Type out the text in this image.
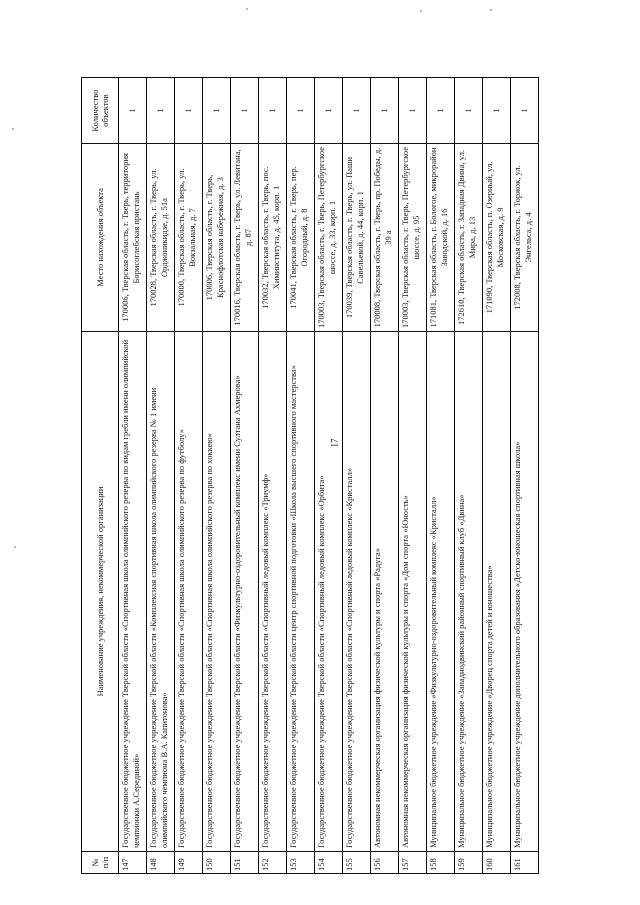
17
№ п/п	Наименование учреждения, некоммерческой организации	Место нахождения объекта	Количество объектов
147	Государственное бюджетное учреждение Тверской области «Спортивная школа олимпийского резерва по видам гребли имени олимпийской чемпионки А.Серединой»	170006, Тверская область, г. Тверь, территория Борисоглебская пристань	1
148	Государственное бюджетное учреждение Тверской области «Комплексная спортивная школа олимпийского резерва № 1 имени олимпийского чемпиона В.А. Капитонова»	170028, Тверская область, г. Тверь, ул. Орджоникидзе, д. 51а	1
149	Государственное бюджетное учреждение Тверской области «Спортивная школа олимпийского резерва по футболу»	170000, Тверская область, г. Тверь, ул. Вокзальная, д. 7	1
150	Государственное бюджетное учреждение Тверской области «Спортивная школа олимпийского резерва по хоккею»	170006, Тверская область, г. Тверь, Краснофлотская набережная, д. 3	1
151	Государственное бюджетное учреждение Тверской области «Физкультурно-оздоровительный комплекс имени Султана Ахмерова»	170016, Тверская область, г. Тверь, ул. Левитана, д. 87	1
152	Государственное бюджетное учреждение Тверской области «Спортивный ледовый комплекс «Триумф»	170032, Тверская область, г. Тверь, пос. Химинститута, д. 45, корп. 1	1
153	Государственное бюджетное учреждение Тверской области центр спортивной подготовки «Школа высшего спортивного мастерства»	170041, Тверская область, г. Тверь, пер. Огородный, д. 8	1
154	Государственное бюджетное учреждение Тверской области «Спортивный ледовый комплекс «Орбита»	170003, Тверская область, г. Тверь, Петербургское шоссе, д. 33, корп. 1	1
155	Государственное бюджетное учреждение Тверской области «Спортивный ледовый комплекс «Кристалл»	170039, Тверская область, г. Тверь, ул. Паши Савельевой, д. 44, корп. 1	1
156	Автономная некоммерческая организация физической культуры и спорта «Радуга»	170008, Тверская область, г. Тверь, пр. Победы, д. 39 а	1
157	Автономная некоммерческая организация физической культуры и спорта «Дом спорта «Юность»	170003, Тверская область, г. Тверь, Петербургское шоссе, д. 95	1
158	Муниципальное бюджетное учреждение «Физкультурно-оздоровительный комплекс «Кристалл»	171081, Тверская область, г. Бологое, микрорайон Заводской, д. 16	1
159	Муниципальное бюджетное учреждение «Западнодвинский районный спортивный клуб «Двина»	172610, Тверская область, г. Западная Двина, ул. Мира, д. 13	1
160	Муниципальное бюджетное учреждение «Дворец спорта детей и юношества»	171090, Тверская область, п. Озерный, ул. Московская, д. 9	1
161	Муниципальное бюджетное учреждение дополнительного образования «Детско-юношеская спортивная школа»	172008, Тверская область, г. Торжок, ул. Энгельса, д. 4	1
